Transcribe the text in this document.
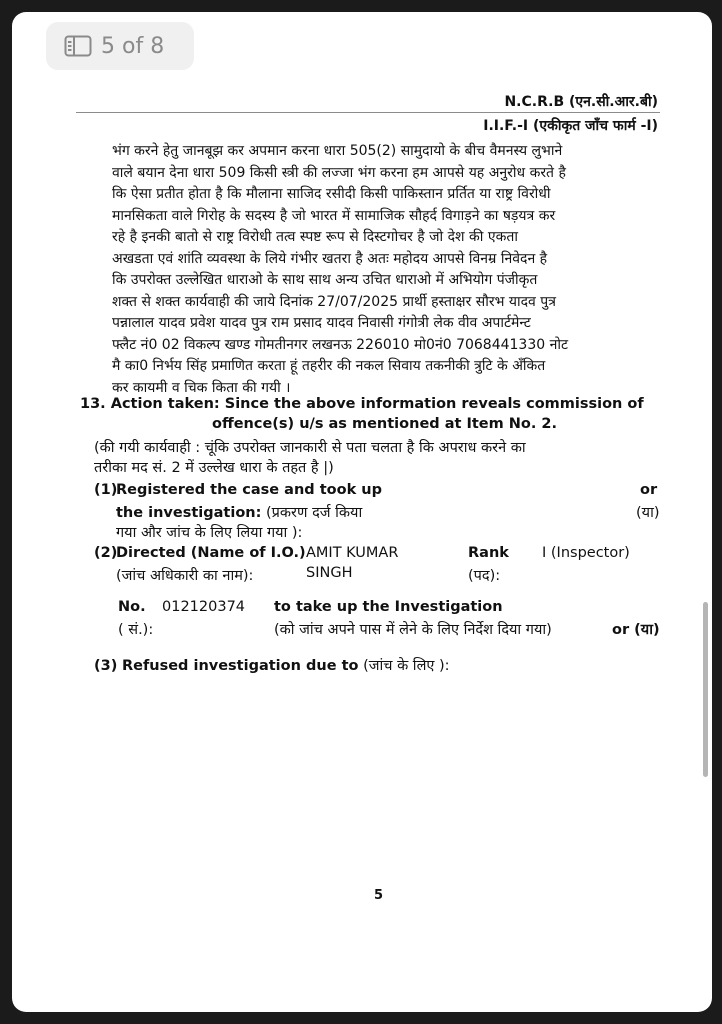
5 of 8
N.C.R.B (एन.सी.आर.बी)
I.I.F.-I (एकीकृत जाँच फार्म -I)
भंग करने हेतु जानबूझ कर अपमान करना धारा 505(2) सामुदायो के बीच वैमनस्य लुभाने
वाले बयान देना धारा 509 किसी स्त्री की लज्जा भंग करना हम आपसे यह अनुरोध करते है
कि ऐसा प्रतीत होता है कि मौलाना साजिद रसीदी किसी पाकिस्तान प्रर्तित या राष्ट्र विरोधी
मानसिकता वाले गिरोह के सदस्य है जो भारत में सामाजिक सौहर्द विगाड़ने का षड़यत्र कर
रहे है इनकी बातो से राष्ट्र विरोधी तत्व स्पष्ट रूप से दिस्टगोचर है जो देश की एकता
अखडता एवं शांति व्यवस्था के लिये गंभीर खतरा है अतः महोदय आपसे विनम्र निवेदन है
कि उपरोक्त उल्लेखित धाराओ के साथ साथ अन्य उचित धाराओ में अभियोग पंजीकृत
शक्त से शक्त कार्यवाही की जाये दिनांक 27/07/2025 प्रार्थी हस्ताक्षर सौरभ यादव पुत्र
पन्नालाल यादव प्रवेश यादव पुत्र राम प्रसाद यादव निवासी गंगोत्री लेक वीव अपार्टमेन्ट
फ्लैट नं0 02 विकल्प खण्ड गोमतीनगर लखनऊ 226010 मो0नं0 7068441330 नोट
मै का0 निर्भय सिंह प्रमाणित करता हूं तहरीर की नकल सिवाय तकनीकी त्रुटि के अँकित
कर कायमी व चिक किता की गयी ।
13. Action taken: Since the above information reveals commission of
offence(s) u/s as mentioned at Item No. 2.
(की गयी कार्यवाही : चूंकि उपरोक्त जानकारी से पता चलता है कि अपराध करने का
तरीका मद सं. 2 में उल्लेख धारा के तहत है |)
(1)
Registered the case and took up
the investigation: (प्रकरण दर्ज किया
गया और जांच के लिए लिया गया ):
or
(या)
(2)
Directed (Name of I.O.)
(जांच अधिकारी का नाम):
AMIT KUMAR
SINGH
Rank
(पद):
I (Inspector)
No. 012120374
( सं.):
to take up the Investigation
(को जांच अपने पास में लेने के लिए निर्देश दिया गया)	or (या)
(3) Refused investigation due to (जांच के लिए ):
5
